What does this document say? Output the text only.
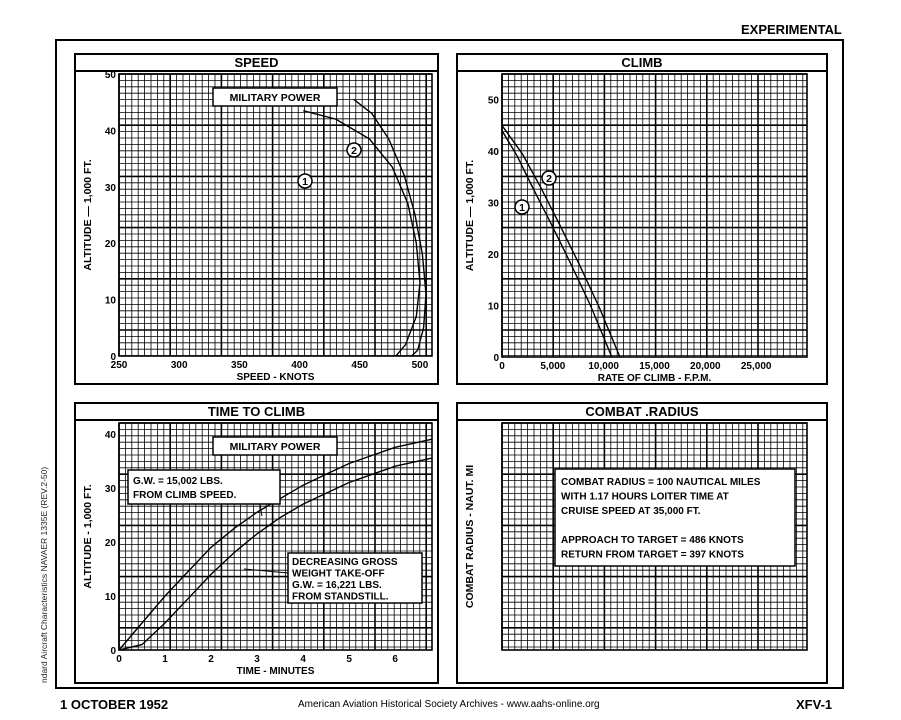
EXPERIMENTAL
ndard Aircraft Characteristics NAVAER 1335E (REV.2-50)
SPEED
ALTITUDE — 1,000 FT.
250	300	350	400	450	500
0
10
20
30
40
50
SPEED - KNOTS
MILITARY POWER
1
2
CLIMB
ALTITUDE — 1,000 FT.
0	5,000 10,000 15,000 20,000 25,000
0
10
20
30
40
50
RATE OF CLIMB - F.P.M.
1
2
TIME TO CLIMB
ALTITUDE - 1,000 FT.
0	1	2	3	4	5	6
0
10
20
30
40
TIME - MINUTES
MILITARY POWER
G.W. = 15,002 LBS.
FROM CLIMB SPEED.
DECREASING GROSS
WEIGHT TAKE-OFF
G.W. = 16,221 LBS.
FROM STANDSTILL.
COMBAT .RADIUS
COMBAT RADIUS - NAUT. MI	COMBAT RADIUS = 100 NAUTICAL MILES
WITH 1.17 HOURS LOITER TIME AT
CRUISE SPEED AT 35,000 FT.
APPROACH TO TARGET = 486 KNOTS
RETURN FROM TARGET = 397 KNOTS
1 OCTOBER 1952	American Aviation Historical Society Archives - www.aahs-online.org	XFV-1
